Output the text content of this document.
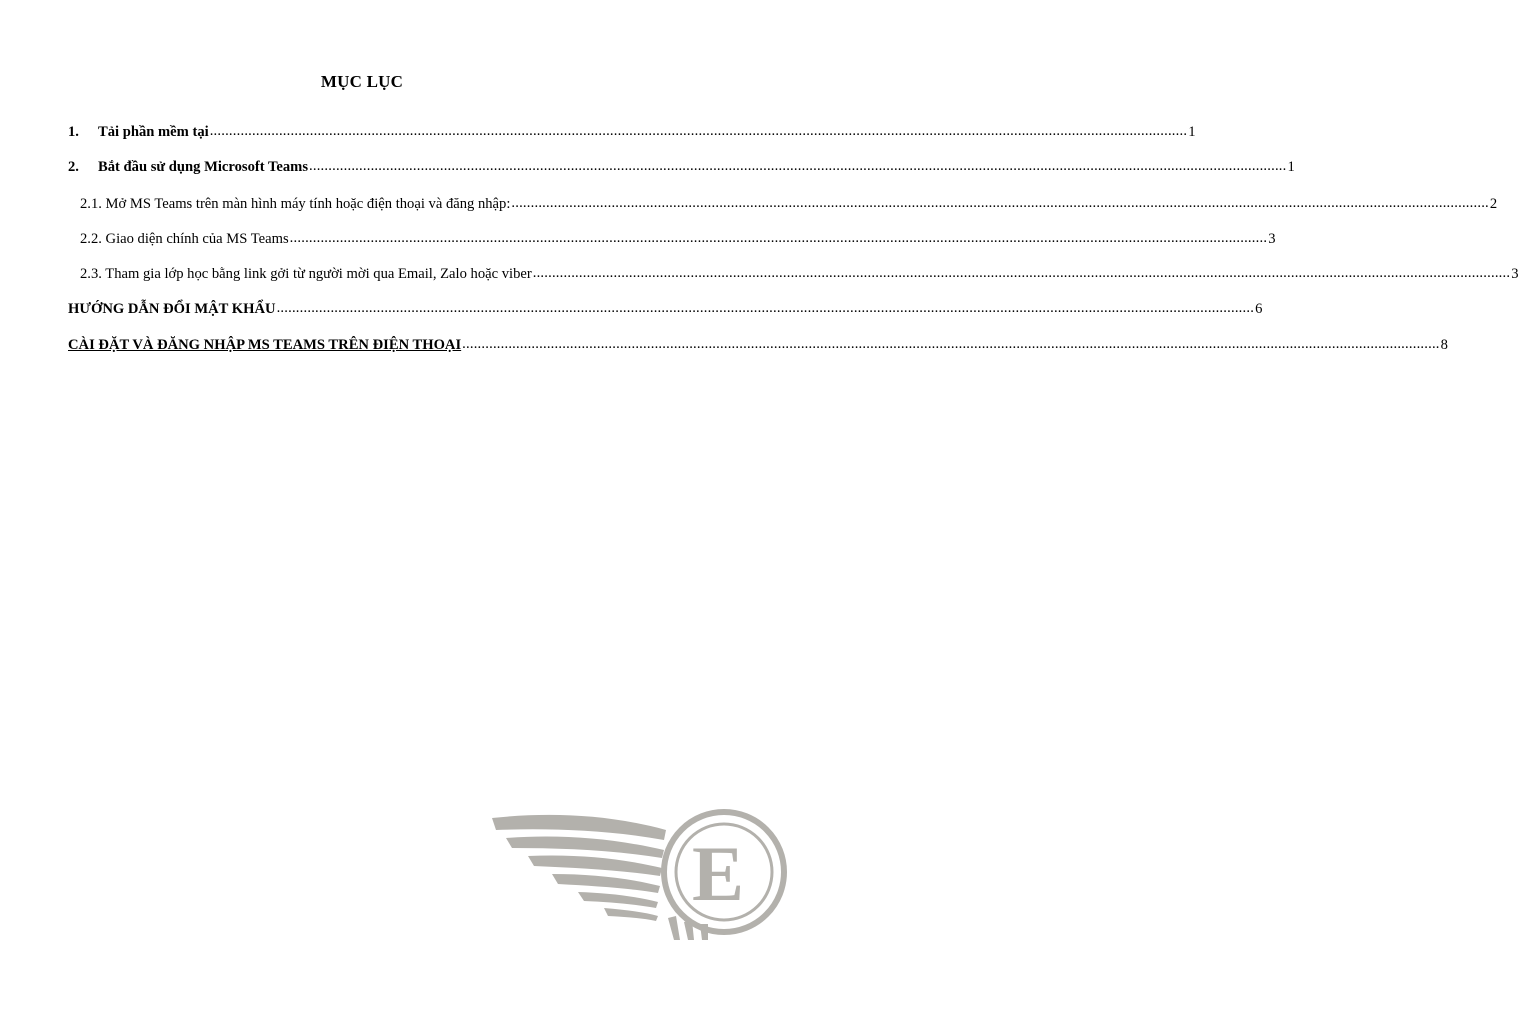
MỤC LỤC
1.	Tải phần mềm tại .....	1
2.	Bắt đầu sử dụng Microsoft Teams .....	1
2.1. Mở MS Teams trên màn hình máy tính hoặc điện thoại và đăng nhập: .....	2
2.2. Giao diện chính của MS Teams .....	3
2.3. Tham gia lớp học bằng link gởi từ người mời qua Email, Zalo hoặc viber .....	3
HƯỚNG DẪN ĐỔI MẬT KHẨU .....	6
CÀI ĐẶT VÀ ĐĂNG NHẬP MS TEAMS TRÊN ĐIỆN THOẠI .....	8
E
